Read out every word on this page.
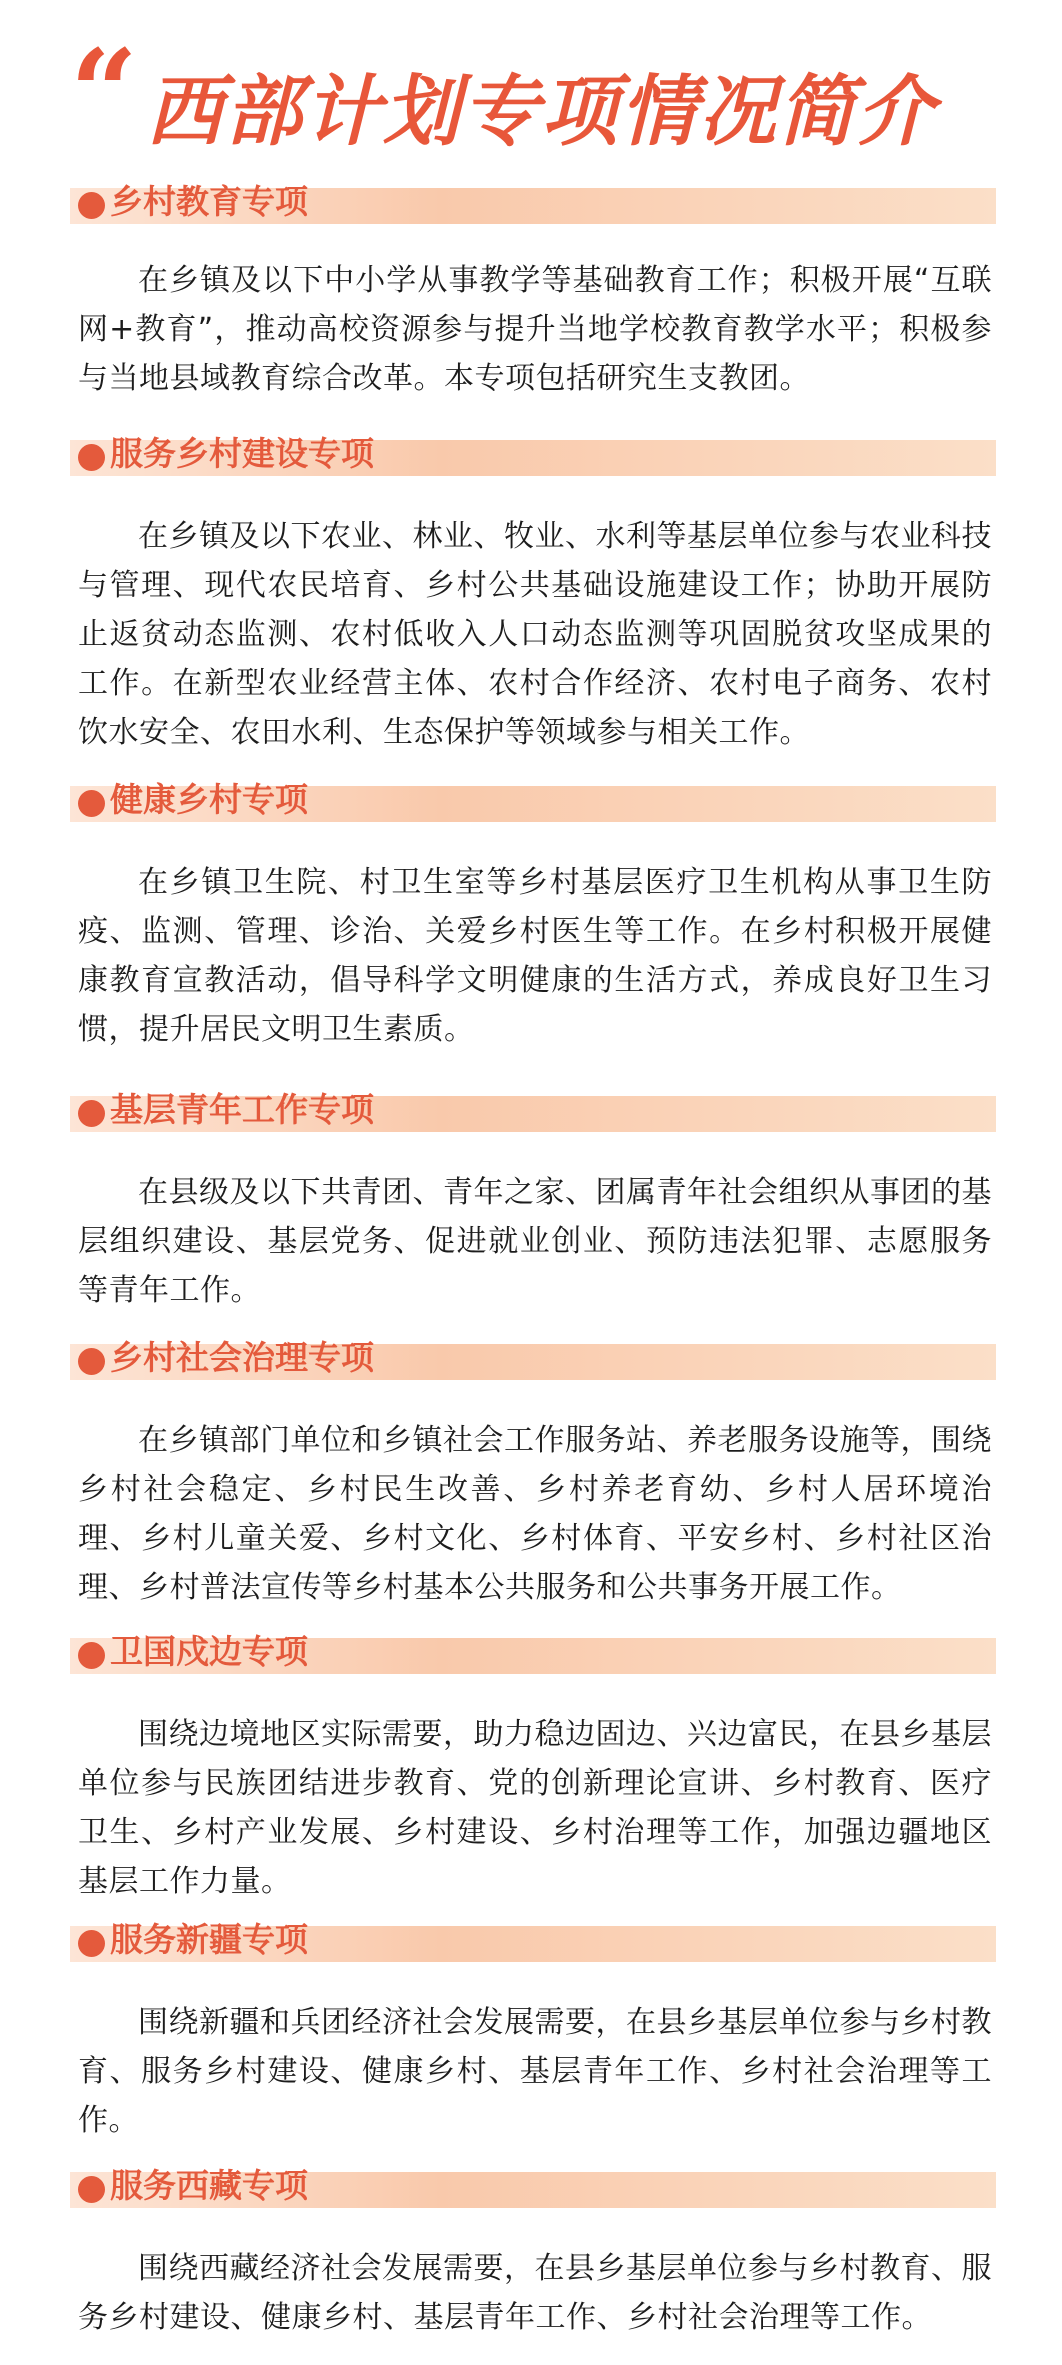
“ 西部计划专项情况简介
乡村教育专项

在乡镇及以下中小学从事教学等基础教育工作；积极开展“互联网+教育”，推动高校资源参与提升当地学校教育教学水平；积极参与当地县域教育综合改革。本专项包括研究生支教团。

服务乡村建设专项

在乡镇及以下农业、林业、牧业、水利等基层单位参与农业科技与管理、现代农民培育、乡村公共基础设施建设工作；协助开展防止返贫动态监测、农村低收入人口动态监测等巩固脱贫攻坚成果的工作。在新型农业经营主体、农村合作经济、农村电子商务、农村饮水安全、农田水利、生态保护等领域参与相关工作。

健康乡村专项

在乡镇卫生院、村卫生室等乡村基层医疗卫生机构从事卫生防疫、监测、管理、诊治、关爱乡村医生等工作。在乡村积极开展健康教育宣教活动，倡导科学文明健康的生活方式，养成良好卫生习惯，提升居民文明卫生素质。

基层青年工作专项

在县级及以下共青团、青年之家、团属青年社会组织从事团的基层组织建设、基层党务、促进就业创业、预防违法犯罪、志愿服务等青年工作。

乡村社会治理专项

在乡镇部门单位和乡镇社会工作服务站、养老服务设施等，围绕乡村社会稳定、乡村民生改善、乡村养老育幼、乡村人居环境治理、乡村儿童关爱、乡村文化、乡村体育、平安乡村、乡村社区治理、乡村普法宣传等乡村基本公共服务和公共事务开展工作。

卫国戍边专项

围绕边境地区实际需要，助力稳边固边、兴边富民，在县乡基层单位参与民族团结进步教育、党的创新理论宣讲、乡村教育、医疗卫生、乡村产业发展、乡村建设、乡村治理等工作，加强边疆地区基层工作力量。

服务新疆专项

围绕新疆和兵团经济社会发展需要，在县乡基层单位参与乡村教育、服务乡村建设、健康乡村、基层青年工作、乡村社会治理等工作。

服务西藏专项

围绕西藏经济社会发展需要，在县乡基层单位参与乡村教育、服务乡村建设、健康乡村、基层青年工作、乡村社会治理等工作。
